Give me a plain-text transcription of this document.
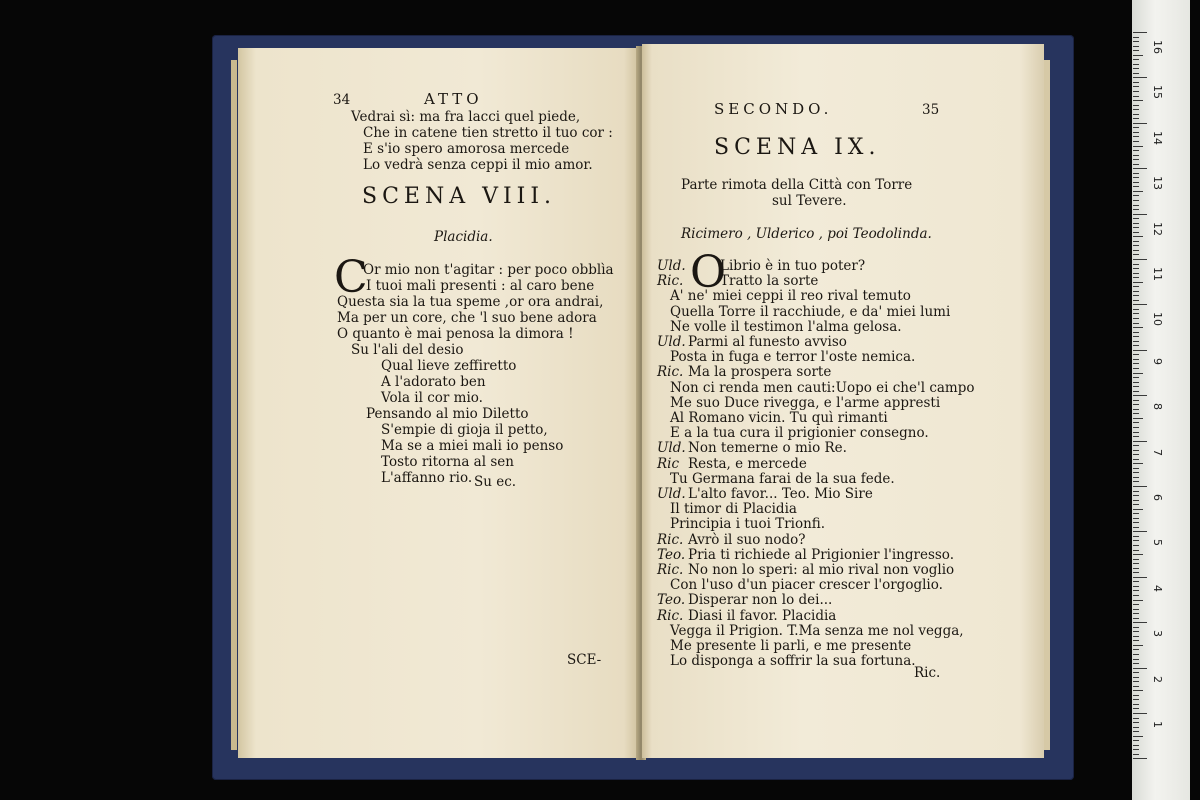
34	ATTO
Vedrai sì: ma fra lacci quel piede,
Che in catene tien stretto il tuo cor :
E s'io spero amorosa mercede
Lo vedrà senza ceppi il mio amor.
SCENA VIII.
Placidia.
C
Or mio non t'agitar : per poco obblìa
I tuoi mali presenti : al caro bene
Questa sia la tua speme ,or ora andrai,
Ma per un core, che 'l suo bene adora
O quanto è mai penosa la dimora !
Su l'ali del desio
Qual lieve zeffiretto
A l'adorato ben
Vola il cor mio.
Pensando al mio Diletto
S'empie di gioja il petto,
Ma se a miei mali io penso
Tosto ritorna al sen
L'affanno rio. Su ec.
SCE-
SECONDO.	35
SCENA IX.
Parte rimota della Città con Torre
sul Tevere.
Ricimero , Ulderico , poi Teodolinda.
O
Uld.	Librio è in tuo poter?
Ric.	Tratto la sorte
A' ne' miei ceppi il reo rival temuto
Quella Torre il racchiude, e da' miei lumi
Ne volle il testimon l'alma gelosa.
Uld. Parmi al funesto avviso
Posta in fuga e terror l'oste nemica.
Ric. Ma la prospera sorte
Non ci renda men cauti:Uopo ei che'l campo
Me suo Duce rivegga, e l'arme appresti
Al Romano vicin. Tu quì rimanti
E a la tua cura il prigionier consegno.
Uld. Non temerne o mio Re.
Ric Resta, e mercede
Tu Germana farai de la sua fede.
Uld. L'alto favor... Teo. Mio Sire
Il timor di Placidia
Principia i tuoi Trionfi.
Ric. Avrò il suo nodo?
Teo. Pria ti richiede al Prigionier l'ingresso.
Ric. No non lo speri: al mio rival non voglio
Con l'uso d'un piacer crescer l'orgoglio.
Teo. Disperar non lo dei...
Ric. Diasi il favor. Placidia
Vegga il Prigion. T.Ma senza me nol vegga,
Me presente li parli, e me presente
Lo disponga a soffrir la sua fortuna.
Ric.
16
15
14
13
12
11
10
9
8
7
6
5
4
3
2
1
